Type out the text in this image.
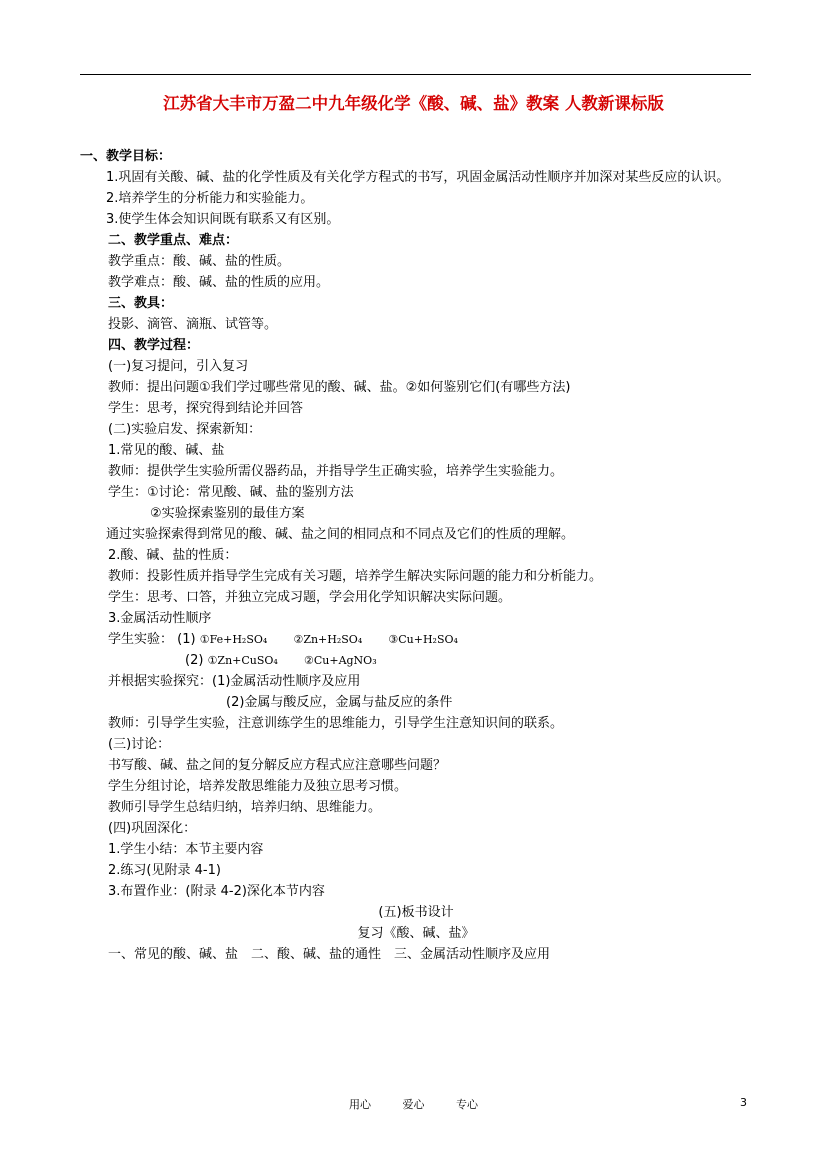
江苏省大丰市万盈二中九年级化学《酸、碱、盐》教案 人教新课标版
一、教学目标：
1.巩固有关酸、碱、盐的化学性质及有关化学方程式的书写，巩固金属活动性顺序并加深对某些反应的认识。
2.培养学生的分析能力和实验能力。
3.使学生体会知识间既有联系又有区别。
二、教学重点、难点：
教学重点：酸、碱、盐的性质。
教学难点：酸、碱、盐的性质的应用。
三、教具：
投影、滴管、滴瓶、试管等。
四、教学过程：
(一)复习提问，引入复习
教师：提出问题①我们学过哪些常见的酸、碱、盐。②如何鉴别它们(有哪些方法)
学生：思考，探究得到结论并回答
(二)实验启发、探索新知：
1.常见的酸、碱、盐
教师：提供学生实验所需仪器药品，并指导学生正确实验，培养学生实验能力。
学生：①讨论：常见酸、碱、盐的鉴别方法
②实验探索鉴别的最佳方案
通过实验探索得到常见的酸、碱、盐之间的相同点和不同点及它们的性质的理解。
2.酸、碱、盐的性质：
教师：投影性质并指导学生完成有关习题，培养学生解决实际问题的能力和分析能力。
学生：思考、口答，并独立完成习题，学会用化学知识解决实际问题。
3.金属活动性顺序
学生实验： (1) ①Fe+H₂SO₄ ②Zn+H₂SO₄ ③Cu+H₂SO₄
(2) ①Zn+CuSO₄ ②Cu+AgNO₃
并根据实验探究：(1)金属活动性顺序及应用
(2)金属与酸反应，金属与盐反应的条件
教师：引导学生实验，注意训练学生的思维能力，引导学生注意知识间的联系。
(三)讨论：
书写酸、碱、盐之间的复分解反应方程式应注意哪些问题？
学生分组讨论，培养发散思维能力及独立思考习惯。
教师引导学生总结归纳，培养归纳、思维能力。
(四)巩固深化：
1.学生小结：本节主要内容
2.练习(见附录 4-1)
3.布置作业：(附录 4-2)深化本节内容
(五)板书设计
复习《酸、碱、盐》
一、常见的酸、碱、盐　二、酸、碱、盐的通性　三、金属活动性顺序及应用
用心	爱心	专心	3
